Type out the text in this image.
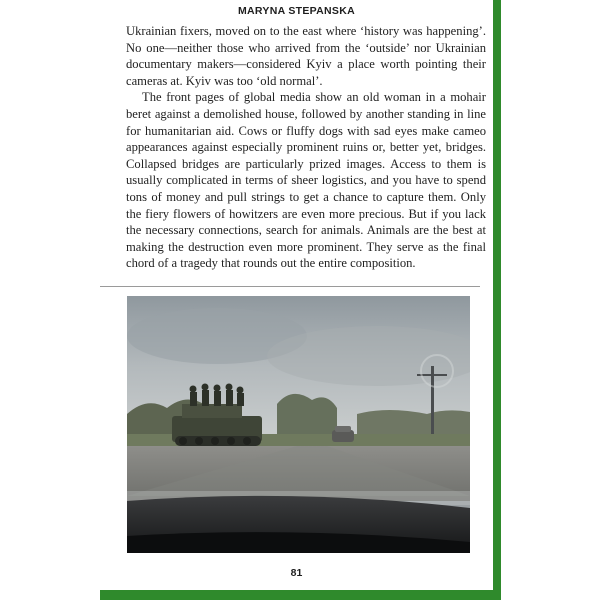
MARYNA STEPANSKA

Ukrainian fixers, moved on to the east where ‘history was happening’. No one—neither those who arrived from the ‘outside’ nor Ukrainian documentary makers—considered Kyiv a place worth pointing their cameras at. Kyiv was too ‘old normal’.

The front pages of global media show an old woman in a mohair beret against a demolished house, followed by another standing in line for humanitarian aid. Cows or fluffy dogs with sad eyes make cameo appearances against especially prominent ruins or, better yet, bridges. Collapsed bridges are particularly prized images. Access to them is usually complicated in terms of sheer logistics, and you have to spend tons of money and pull strings to get a chance to capture them. Only the fiery flowers of howitzers are even more precious. But if you lack the necessary connections, search for animals. Animals are the best at making the destruction even more prominent. They serve as the final chord of a tragedy that rounds out the entire composition.

81
